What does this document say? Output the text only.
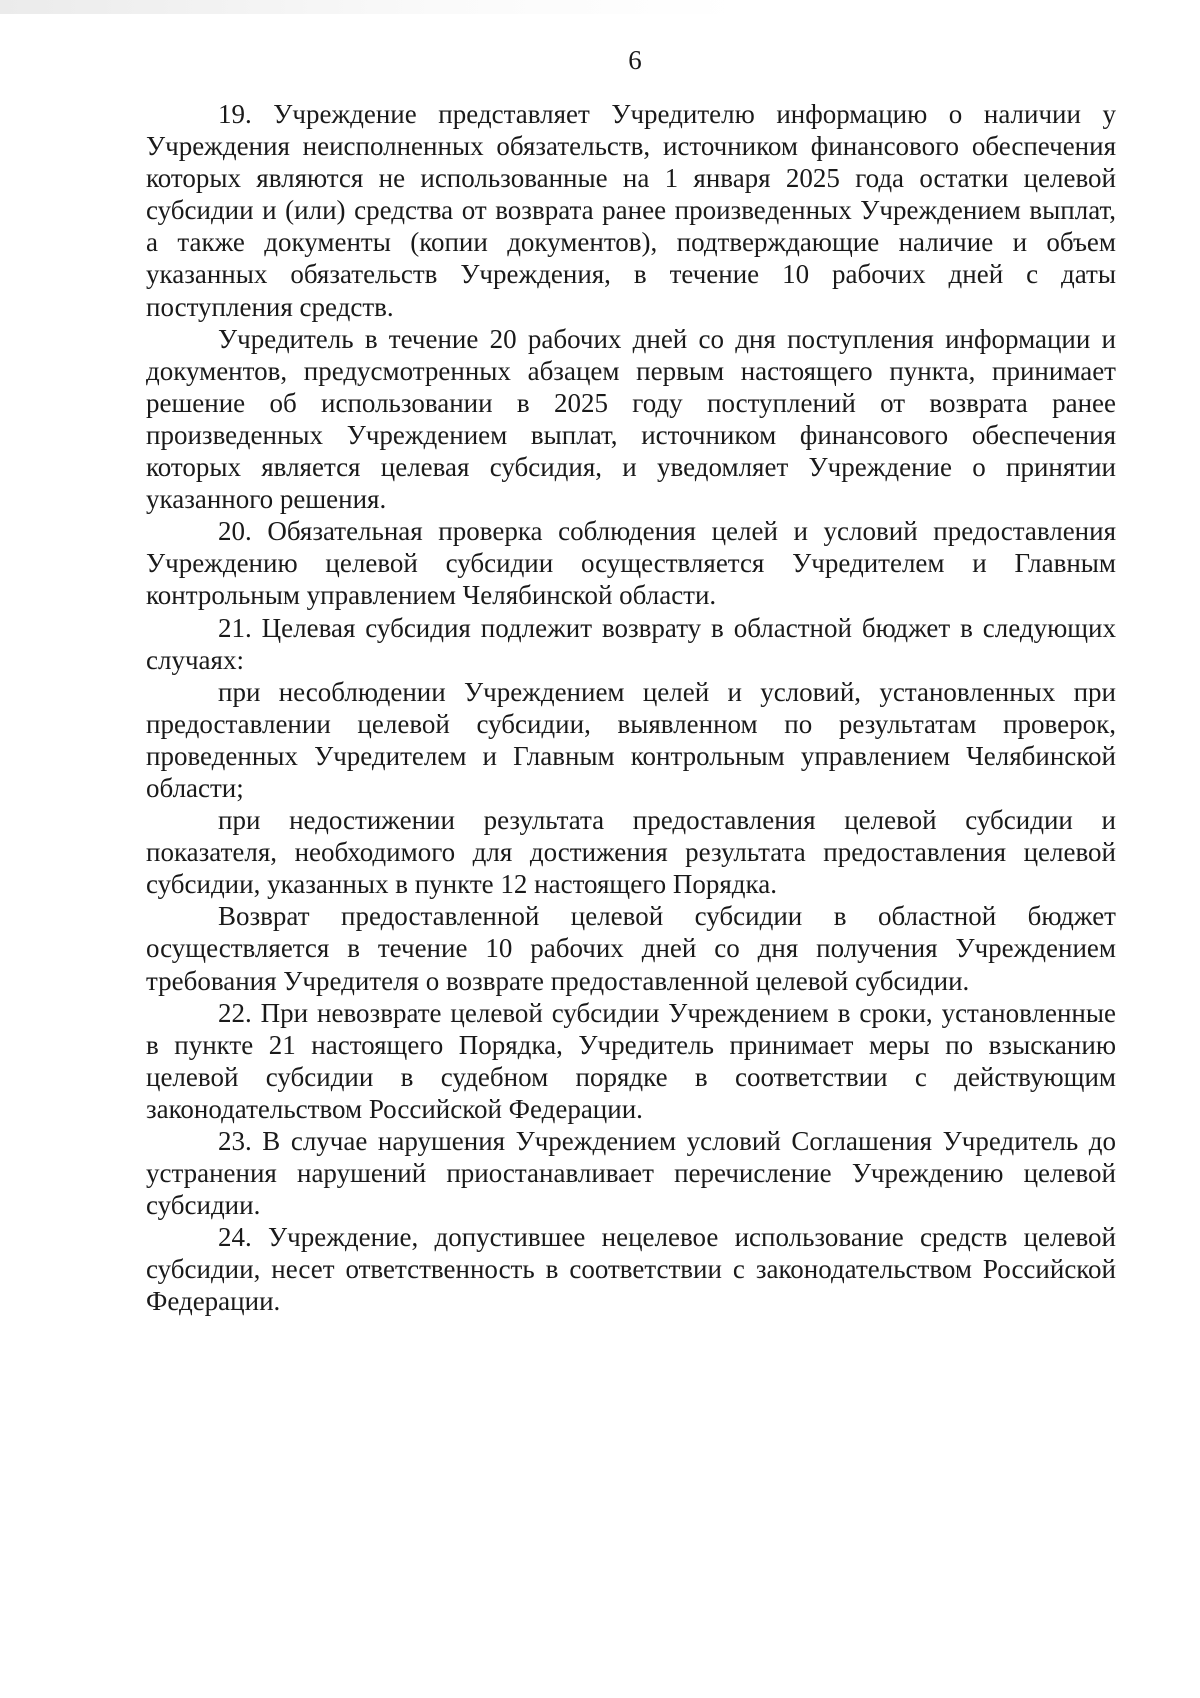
6

19. Учреждение представляет Учредителю информацию о наличии у Учреждения неисполненных обязательств, источником финансового обеспечения которых являются не использованные на 1 января 2025 года остатки целевой субсидии и (или) средства от возврата ранее произведенных Учреждением выплат, а также документы (копии документов), подтверждающие наличие и объем указанных обязательств Учреждения, в течение 10 рабочих дней с даты поступления средств.

Учредитель в течение 20 рабочих дней со дня поступления информации и документов, предусмотренных абзацем первым настоящего пункта, принимает решение об использовании в 2025 году поступлений от возврата ранее произведенных Учреждением выплат, источником финансового обеспечения которых является целевая субсидия, и уведомляет Учреждение о принятии указанного решения.

20. Обязательная проверка соблюдения целей и условий предоставления Учреждению целевой субсидии осуществляется Учредителем и Главным контрольным управлением Челябинской области.

21. Целевая субсидия подлежит возврату в областной бюджет в следующих случаях:

при несоблюдении Учреждением целей и условий, установленных при предоставлении целевой субсидии, выявленном по результатам проверок, проведенных Учредителем и Главным контрольным управлением Челябинской области;

при недостижении результата предоставления целевой субсидии и показателя, необходимого для достижения результата предоставления целевой субсидии, указанных в пункте 12 настоящего Порядка.

Возврат предоставленной целевой субсидии в областной бюджет осуществляется в течение 10 рабочих дней со дня получения Учреждением требования Учредителя о возврате предоставленной целевой субсидии.

22. При невозврате целевой субсидии Учреждением в сроки, установленные в пункте 21 настоящего Порядка, Учредитель принимает меры по взысканию целевой субсидии в судебном порядке в соответствии с действующим законодательством Российской Федерации.

23. В случае нарушения Учреждением условий Соглашения Учредитель до устранения нарушений приостанавливает перечисление Учреждению целевой субсидии.

24. Учреждение, допустившее нецелевое использование средств целевой субсидии, несет ответственность в соответствии с законодательством Российской Федерации.
